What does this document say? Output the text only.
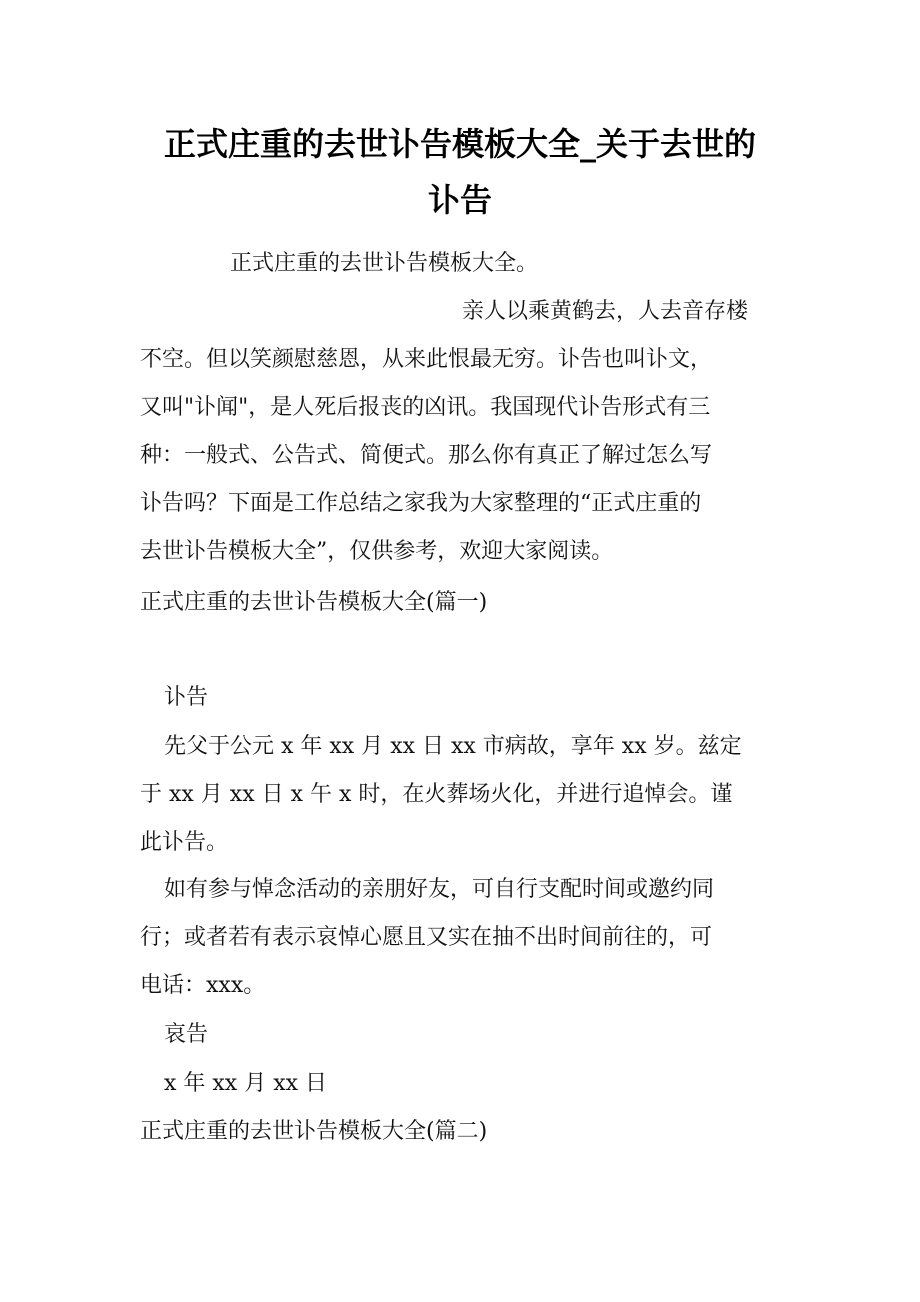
正式庄重的去世讣告模板大全_关于去世的
讣告
正式庄重的去世讣告模板大全。
亲人以乘黄鹤去，人去音存楼
不空。但以笑颜慰慈恩，从来此恨最无穷。讣告也叫讣文，
又叫"讣闻"，是人死后报丧的凶讯。我国现代讣告形式有三
种：一般式、公告式、简便式。那么你有真正了解过怎么写
讣告吗？下面是工作总结之家我为大家整理的“正式庄重的
去世讣告模板大全”，仅供参考，欢迎大家阅读。
正式庄重的去世讣告模板大全(篇一)
讣告
先父于公元 x 年 xx 月 xx 日 xx 市病故，享年 xx 岁。兹定
于 xx 月 xx 日 x 午 x 时，在火葬场火化，并进行追悼会。谨
此讣告。
如有参与悼念活动的亲朋好友，可自行支配时间或邀约同
行；或者若有表示哀悼心愿且又实在抽不出时间前往的，可
电话：xxx。
哀告
x 年 xx 月 xx 日
正式庄重的去世讣告模板大全(篇二)
